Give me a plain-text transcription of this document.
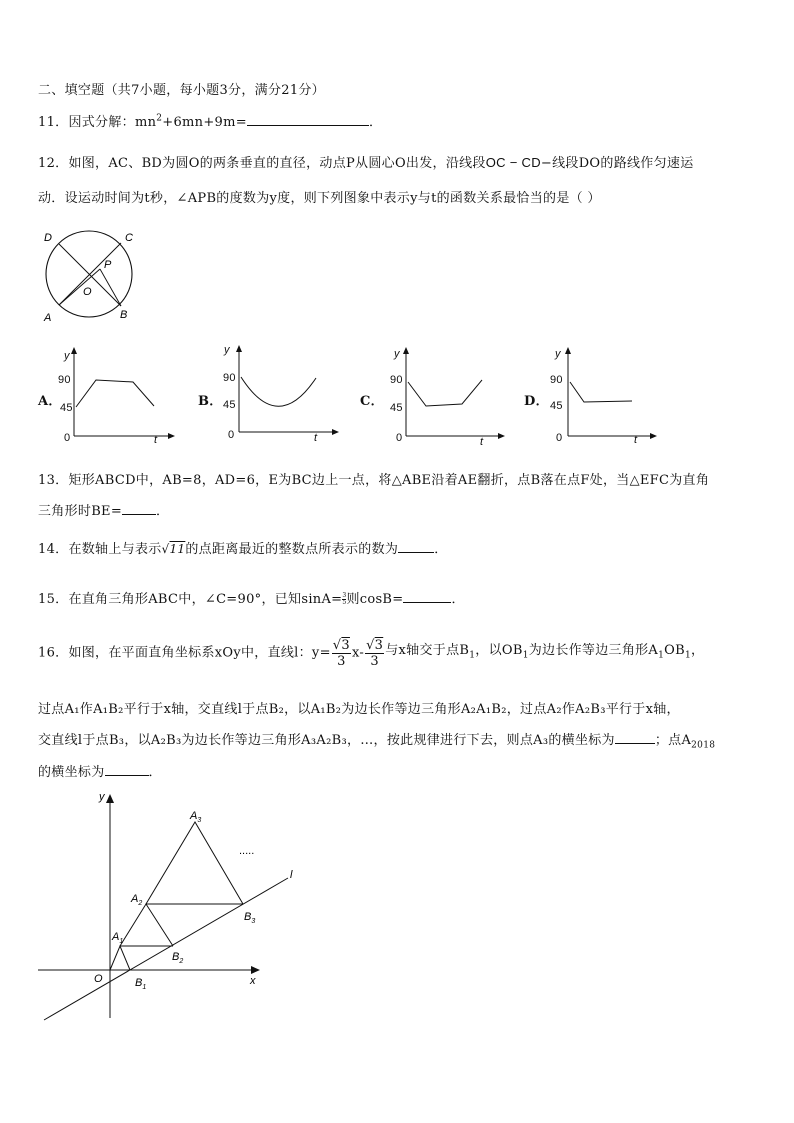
二、填空题（共7小题，每小题3分，满分21分）
11．因式分解：$mn^2+6mn+9m=$	．
12．如图，AC、BD为圆O的两条垂直的直径，动点P从圆心O出发，沿线段OC − CD−线段DO的路线作匀速运
动．设运动时间为t秒，∠APB的度数为y度，则下列图象中表示y与t的函数关系最恰当的是（ ）
D	C
P
O
A	B
A．
y
90
45
0	t
B．
y
90
45
0	t
C．
y
90
45
0	t
D．
y
90
45
0	t
13．矩形ABCD中，AB=8，AD=6，E为BC边上一点，将△ABE沿着AE翻折，点B落在点F处，当△EFC为直角
三角形时BE=	．
14．在数轴上与表示√11的点距离最近的整数点所表示的数为	．
15．在直角三角形ABC中，∠C=90°，已知$\sin A= \frac{3}{5}$ 则cosB=	．
16．如图，在平面直角坐标系xOy中，直线l：$y= \frac{√3}{3} x- \frac{√3}{3}$ 与x轴交于点$B_1$，以$OB_1$为边长作等边三角形$A_1OB_1$，
过点A₁作A₁B₂平行于x轴，交直线l于点B₂，以A₁B₂为边长作等边三角形A₂A₁B₂，过点A₂作A₂B₃平行于x轴，
交直线l于点B₃，以A₂B₃为边长作等边三角形A₃A₂B₃，…，按此规律进行下去，则点A₃的横坐标为	；点$A_{2018}$
的横坐标为	．
y
x
O
l
$B_1$
$B_2$
$B_3$
$A_1$
$A_2$
$A_3$
.....
